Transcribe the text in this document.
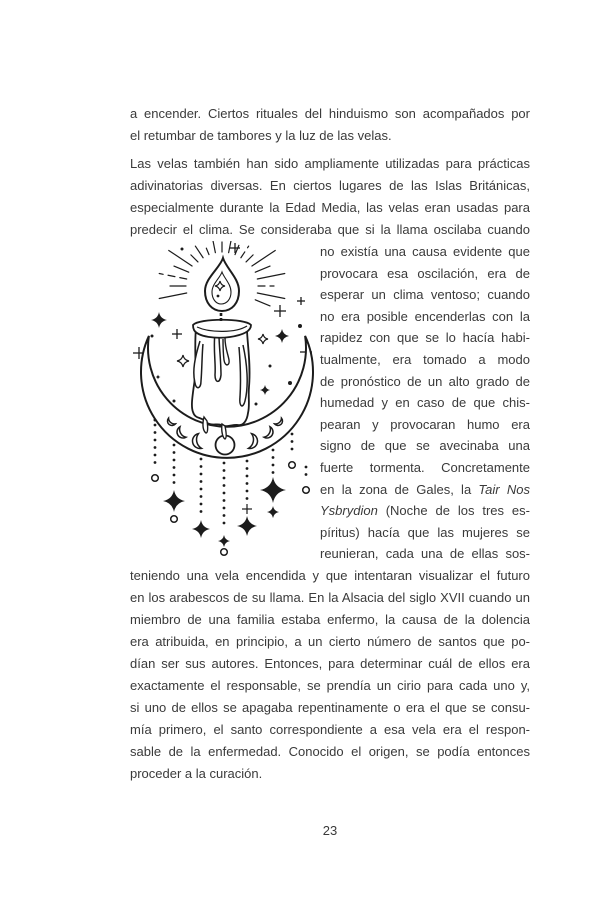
a encender. Ciertos rituales del hinduismo son acompañados por
el retumbar de tambores y la luz de las velas.
Las velas también han sido ampliamente utilizadas para prácticas
adivinatorias diversas. En ciertos lugares de las Islas Británicas,
especialmente durante la Edad Media, las velas eran usadas para
predecir el clima. Se consideraba que si la llama oscilaba cuando
no existía una causa evidente que
provocara esa oscilación, era de
esperar un clima ventoso; cuando
no era posible encenderlas con la
rapidez con que se lo hacía habi-
tualmente, era tomado a modo
de pronóstico de un alto grado de
humedad y en caso de que chis-
pearan y provocaran humo era
signo de que se avecinaba una
fuerte tormenta. Concretamente
en la zona de Gales, la Tair Nos
Ysbrydion (Noche de los tres es-
píritus) hacía que las mujeres se
reunieran, cada una de ellas sos-
teniendo una vela encendida y que intentaran visualizar el futuro
en los arabescos de su llama. En la Alsacia del siglo XVII cuando un
miembro de una familia estaba enfermo, la causa de la dolencia
era atribuida, en principio, a un cierto número de santos que po-
dían ser sus autores. Entonces, para determinar cuál de ellos era
exactamente el responsable, se prendía un cirio para cada uno y,
si uno de ellos se apagaba repentinamente o era el que se consu-
mía primero, el santo correspondiente a esa vela era el respon-
sable de la enfermedad. Conocido el origen, se podía entonces
proceder a la curación.
23
